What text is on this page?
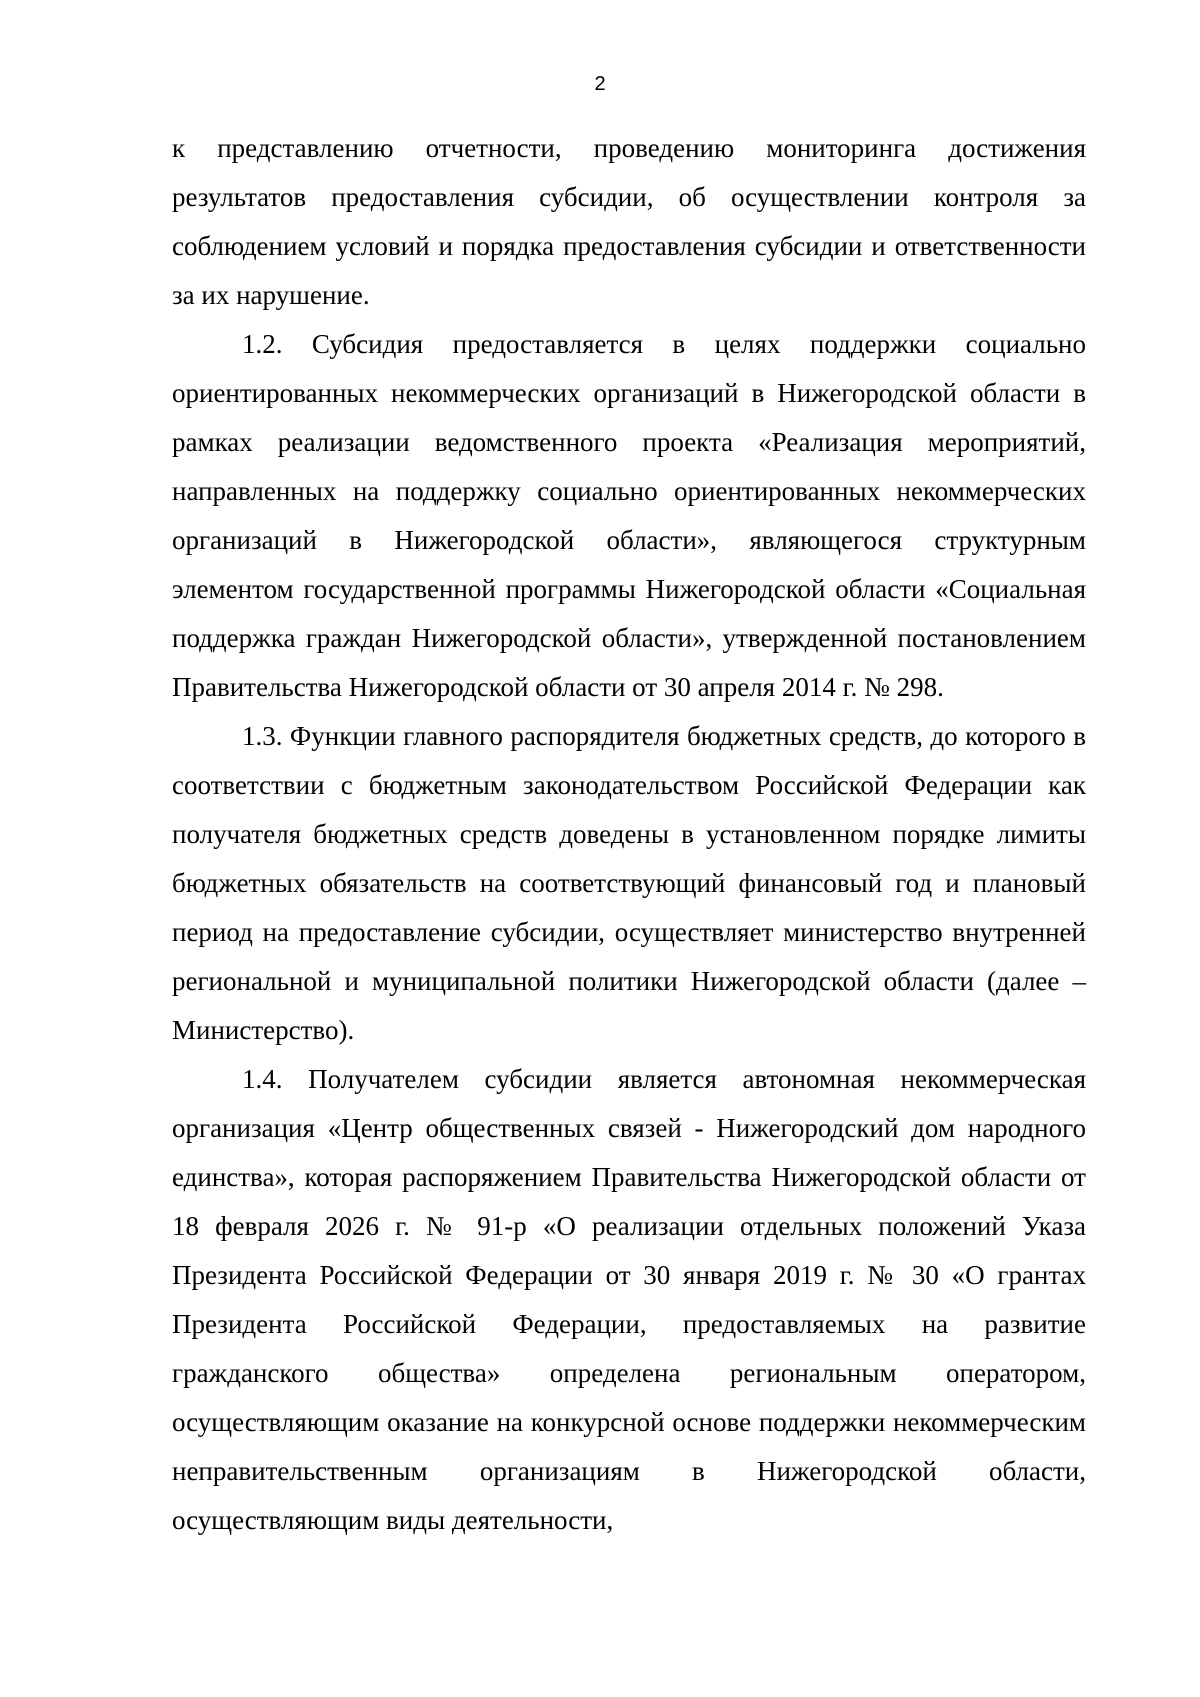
2

к представлению отчетности, проведению мониторинга достижения результатов предоставления субсидии, об осуществлении контроля за соблюдением условий и порядка предоставления субсидии и ответственности за их нарушение.

1.2. Субсидия предоставляется в целях поддержки социально ориентированных некоммерческих организаций в Нижегородской области в рамках реализации ведомственного проекта «Реализация мероприятий, направленных на поддержку социально ориентированных некоммерческих организаций в Нижегородской области», являющегося структурным элементом государственной программы Нижегородской области «Социальная поддержка граждан Нижегородской области», утвержденной постановлением Правительства Нижегородской области от 30 апреля 2014 г. № 298.

1.3. Функции главного распорядителя бюджетных средств, до которого в соответствии с бюджетным законодательством Российской Федерации как получателя бюджетных средств доведены в установленном порядке лимиты бюджетных обязательств на соответствующий финансовый год и плановый период на предоставление субсидии, осуществляет министерство внутренней региональной и муниципальной политики Нижегородской области (далее – Министерство).

1.4. Получателем субсидии является автономная некоммерческая организация «Центр общественных связей - Нижегородский дом народного единства», которая распоряжением Правительства Нижегородской области от 18 февраля 2026 г. № 91-р «О реализации отдельных положений Указа Президента Российской Федерации от 30 января 2019 г. № 30 «О грантах Президента Российской Федерации, предоставляемых на развитие гражданского общества» определена региональным оператором, осуществляющим оказание на конкурсной основе поддержки некоммерческим неправительственным организациям в Нижегородской области, осуществляющим виды деятельности,
